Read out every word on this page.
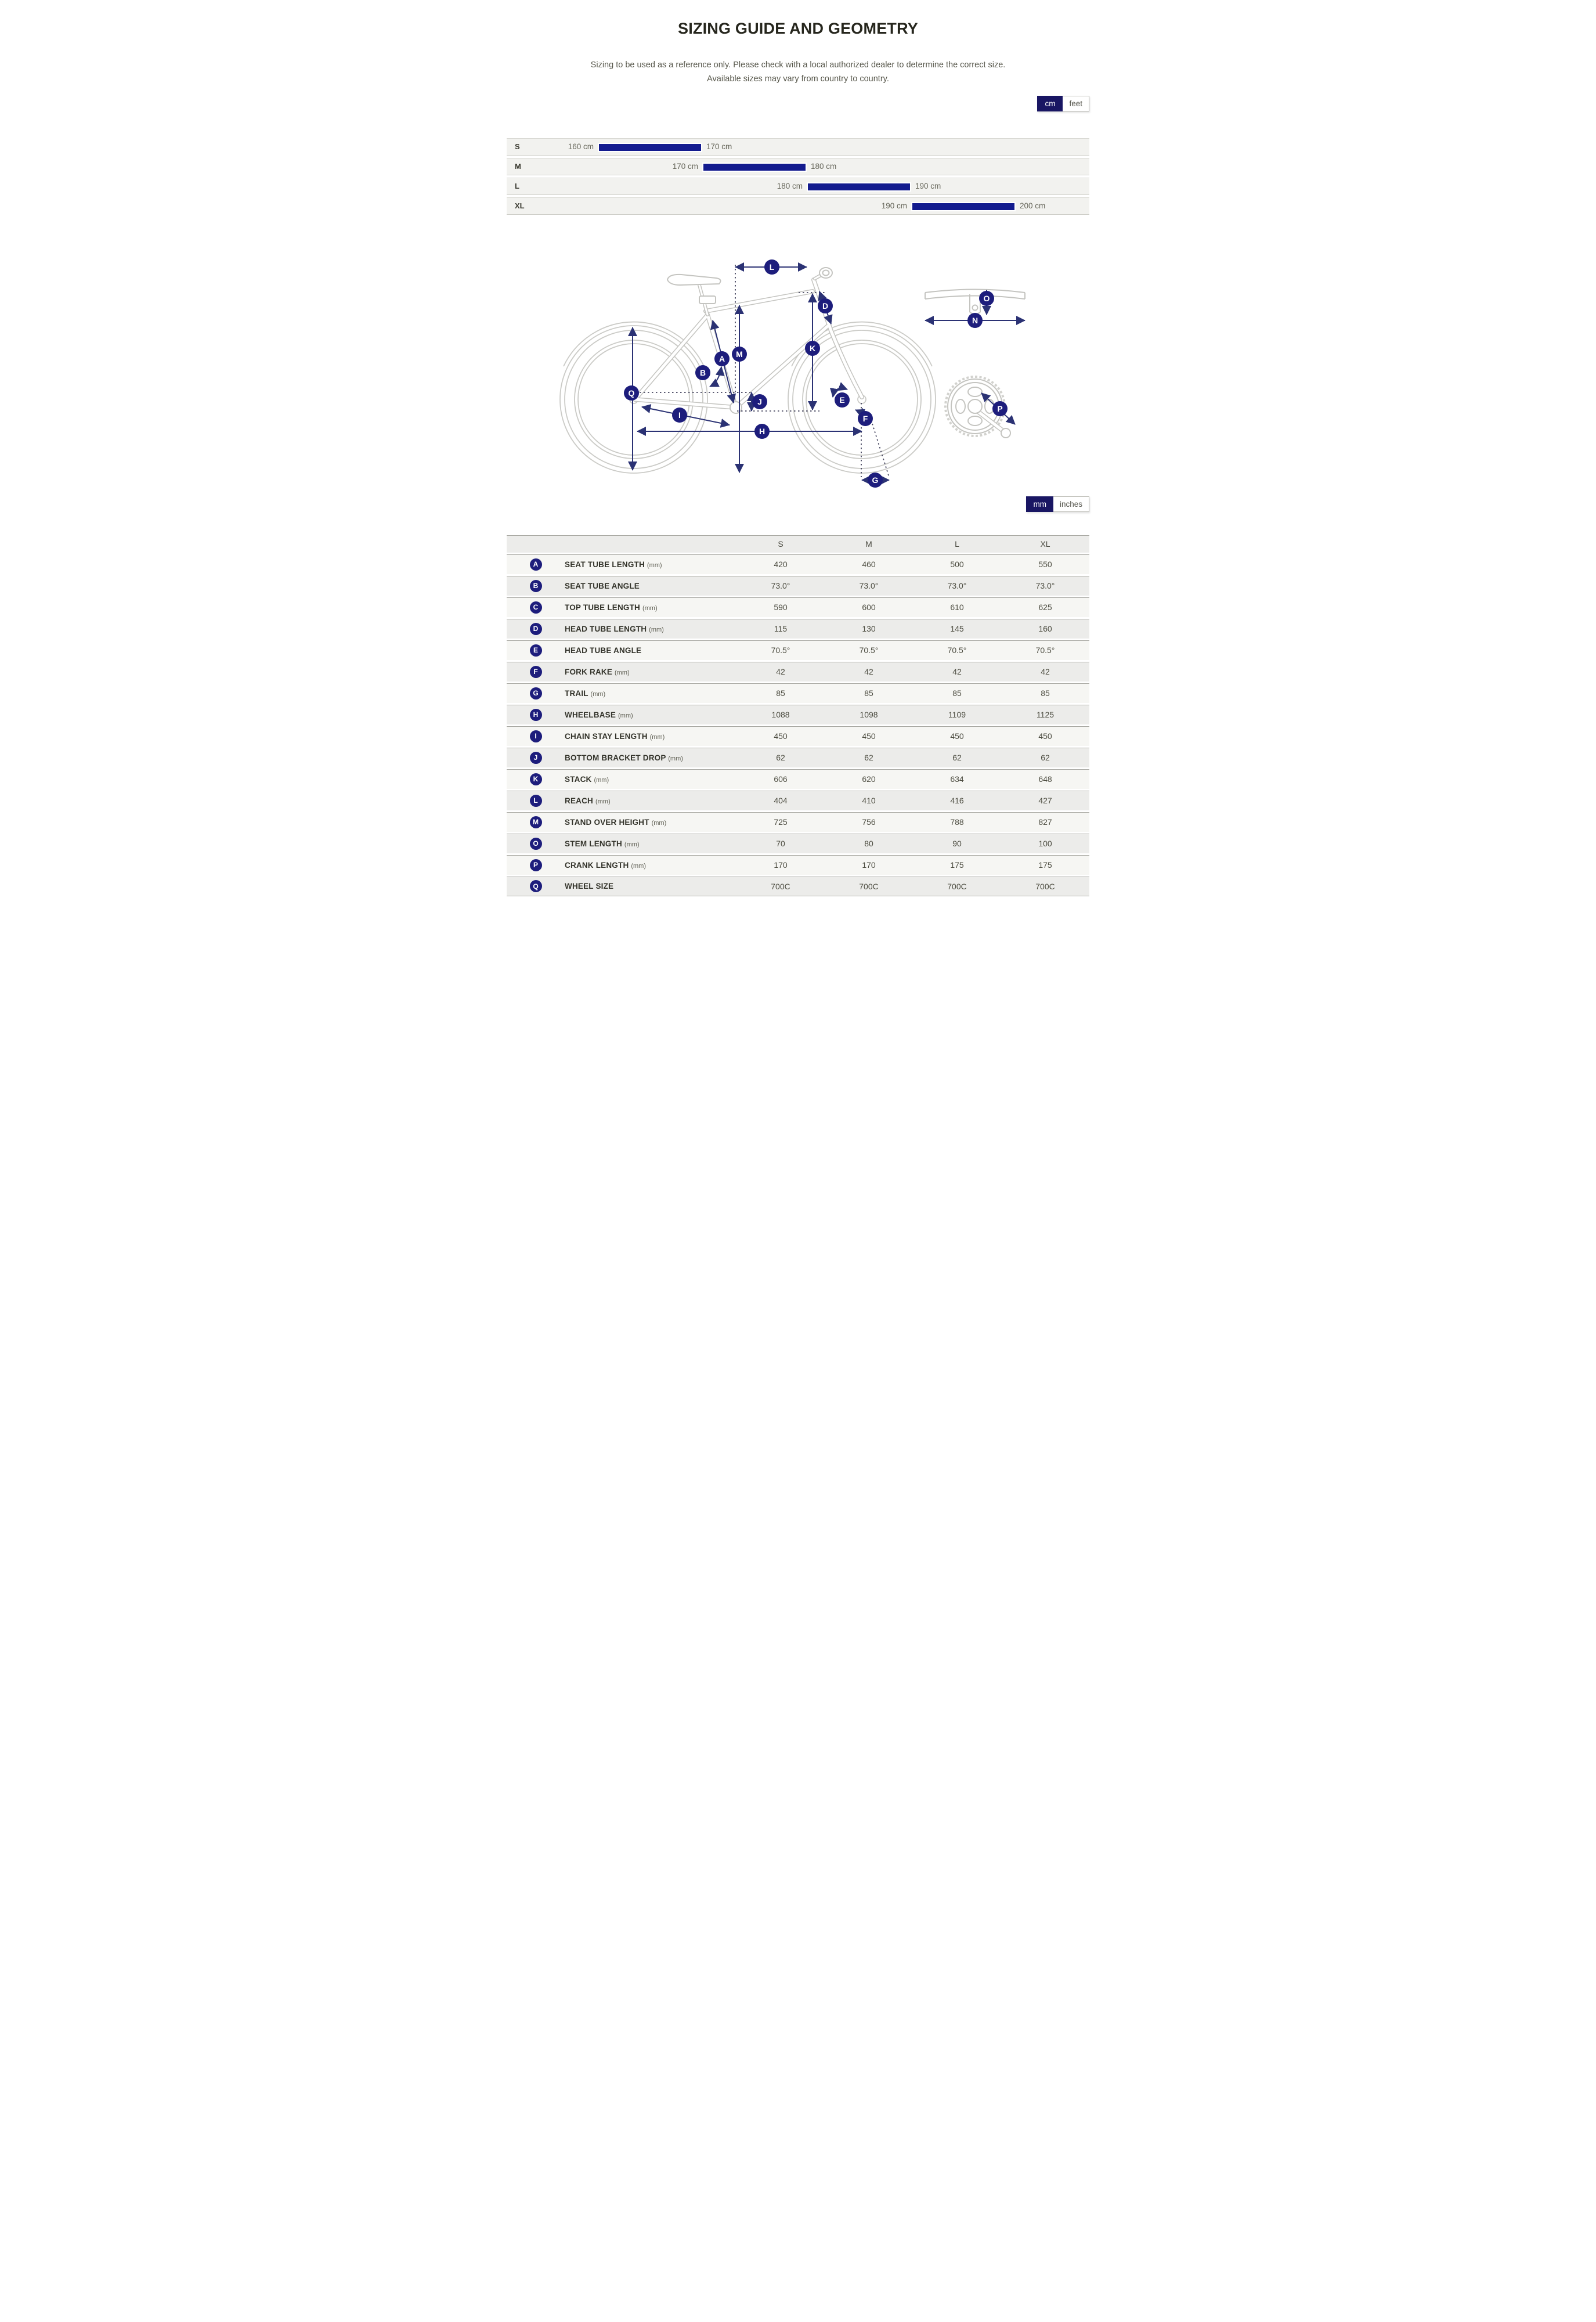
SIZING GUIDE AND GEOMETRY

Sizing to be used as a reference only. Please check with a local authorized dealer to determine the correct size.

Available sizes may vary from country to country.

cm	feet
S	160 cm	170 cm
M	170 cm	180 cm
L	180 cm	190 cm
XL	190 cm	200 cm
L
D
O
N
K
M
A
B
Q
E
J
P
I	F
H
G
mm	inches
S	M	L	XL
A	SEAT TUBE LENGTH (mm)	420	460	500	550
B	SEAT TUBE ANGLE	73.0°	73.0°	73.0°	73.0°
C	TOP TUBE LENGTH (mm)	590	600	610	625
D	HEAD TUBE LENGTH (mm)	115	130	145	160
E	HEAD TUBE ANGLE	70.5°	70.5°	70.5°	70.5°
F	FORK RAKE (mm)	42	42	42	42
G	TRAIL (mm)	85	85	85	85
H	WHEELBASE (mm)	1088	1098	1109	1125
I	CHAIN STAY LENGTH (mm)	450	450	450	450
J	BOTTOM BRACKET DROP (mm)	62	62	62	62
K	STACK (mm)	606	620	634	648
L	REACH (mm)	404	410	416	427
M	STAND OVER HEIGHT (mm)	725	756	788	827
O	STEM LENGTH (mm)	70	80	90	100
P	CRANK LENGTH (mm)	170	170	175	175
Q	WHEEL SIZE	700C	700C	700C	700C
